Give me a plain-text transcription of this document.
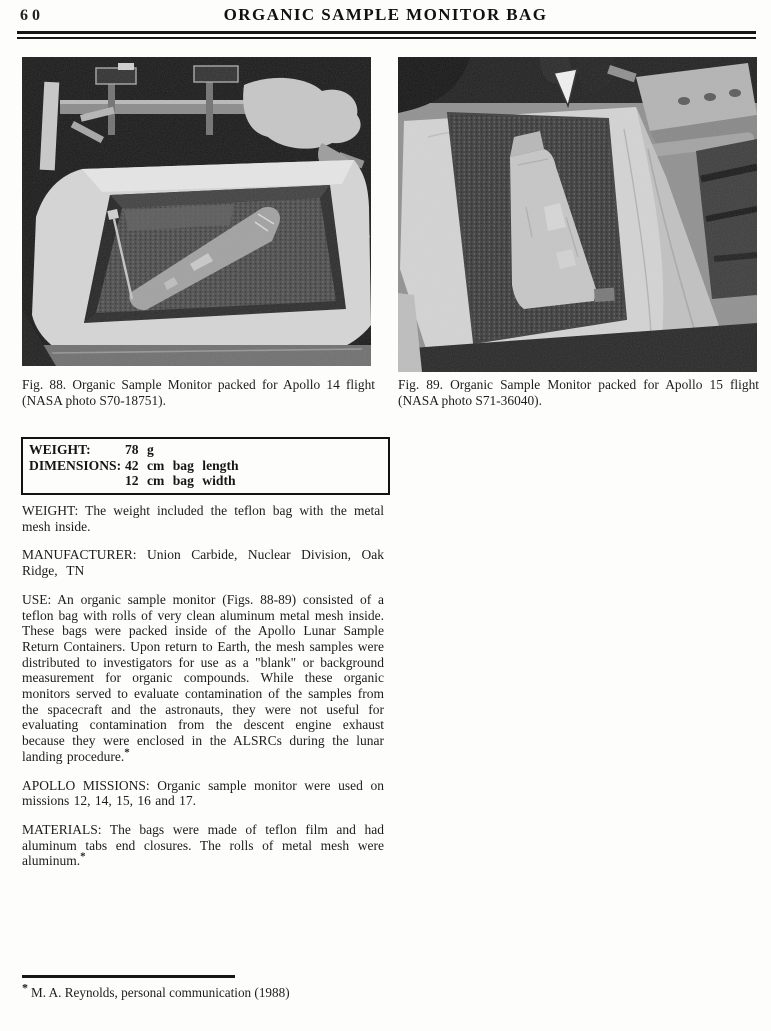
60	ORGANIC SAMPLE MONITOR BAG

Fig. 88. Organic Sample Monitor packed for Apollo 14 flight (NASA photo S70-18751).

Fig. 89. Organic Sample Monitor packed for Apollo 15 flight (NASA photo S71-36040).

WEIGHT:	78 g
DIMENSIONS: 42 cm bag length
12 cm bag width

WEIGHT: The weight included the teflon bag with the metal mesh inside.

MANUFACTURER: Union Carbide, Nuclear Division, Oak Ridge, TN

USE: An organic sample monitor (Figs. 88-89) consisted of a teflon bag with rolls of very clean aluminum metal mesh inside. These bags were packed inside of the Apollo Lunar Sample Return Containers. Upon return to Earth, the mesh samples were distributed to investigators for use as a "blank" or background measurement for organic compounds. While these organic monitors served to evaluate contamination of the samples from the spacecraft and the astronauts, they were not useful for evaluating contamination from the descent engine exhaust because they were enclosed in the ALSRCs during the lunar landing procedure.*

APOLLO MISSIONS: Organic sample monitor were used on missions 12, 14, 15, 16 and 17.

MATERIALS: The bags were made of teflon film and had aluminum tabs end closures. The rolls of metal mesh were aluminum.*

* M. A. Reynolds, personal communication (1988)
